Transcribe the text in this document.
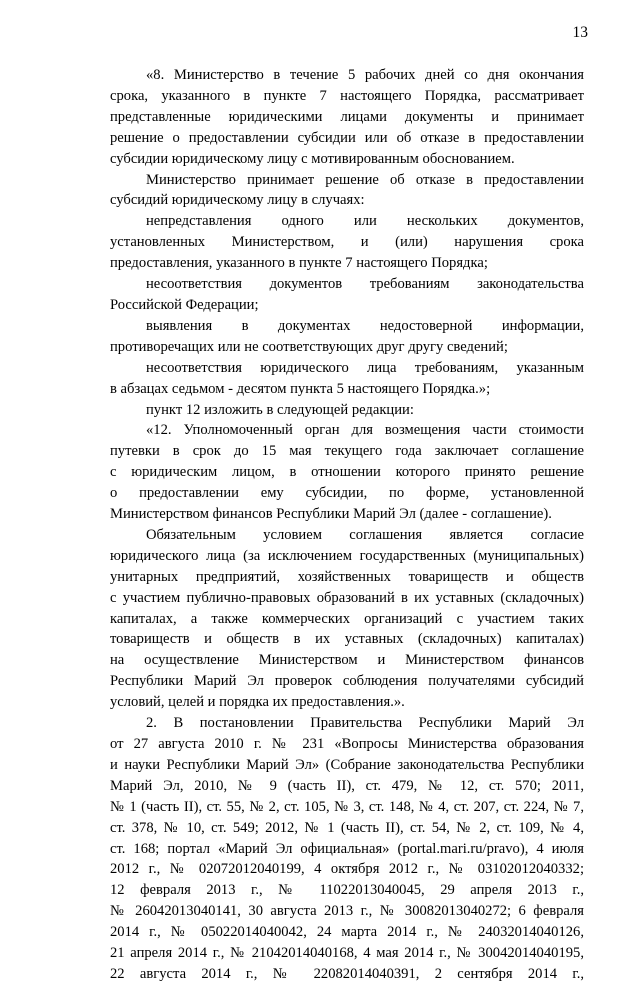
13
«8. Министерство в течение 5 рабочих дней со дня окончания
срока, указанного в пункте 7 настоящего Порядка, рассматривает
представленные юридическими лицами документы и принимает
решение о предоставлении субсидии или об отказе в предоставлении
субсидии юридическому лицу с мотивированным обоснованием.
Министерство принимает решение об отказе в предоставлении
субсидий юридическому лицу в случаях:
непредставления одного или нескольких документов,
установленных Министерством, и (или) нарушения срока
предоставления, указанного в пункте 7 настоящего Порядка;
несоответствия документов требованиям законодательства
Российской Федерации;
выявления в документах недостоверной информации,
противоречащих или не соответствующих друг другу сведений;
несоответствия юридического лица требованиям, указанным
в абзацах седьмом - десятом пункта 5 настоящего Порядка.»;
пункт 12 изложить в следующей редакции:
«12. Уполномоченный орган для возмещения части стоимости
путевки в срок до 15 мая текущего года заключает соглашение
с юридическим лицом, в отношении которого принято решение
о предоставлении ему субсидии, по форме, установленной
Министерством финансов Республики Марий Эл (далее - соглашение).
Обязательным условием соглашения является согласие
юридического лица (за исключением государственных (муниципальных)
унитарных предприятий, хозяйственных товариществ и обществ
с участием публично-правовых образований в их уставных (складочных)
капиталах, а также коммерческих организаций с участием таких
товариществ и обществ в их уставных (складочных) капиталах)
на осуществление Министерством и Министерством финансов
Республики Марий Эл проверок соблюдения получателями субсидий
условий, целей и порядка их предоставления.».
2. В постановлении Правительства Республики Марий Эл
от 27 августа 2010 г. № 231 «Вопросы Министерства образования
и науки Республики Марий Эл» (Собрание законодательства Республики
Марий Эл, 2010, № 9 (часть II), ст. 479, № 12, ст. 570; 2011,
№ 1 (часть II), ст. 55, № 2, ст. 105, № 3, ст. 148, № 4, ст. 207, ст. 224, № 7,
ст. 378, № 10, ст. 549; 2012, № 1 (часть II), ст. 54, № 2, ст. 109, № 4,
ст. 168; портал «Марий Эл официальная» (portal.mari.ru/pravo), 4 июля
2012 г., № 02072012040199, 4 октября 2012 г., № 03102012040332;
12 февраля 2013 г., № 11022013040045, 29 апреля 2013 г.,
№ 26042013040141, 30 августа 2013 г., № 30082013040272; 6 февраля
2014 г., № 05022014040042, 24 марта 2014 г., № 24032014040126,
21 апреля 2014 г., № 21042014040168, 4 мая 2014 г., № 30042014040195,
22 августа 2014 г., № 22082014040391, 2 сентября 2014 г.,
